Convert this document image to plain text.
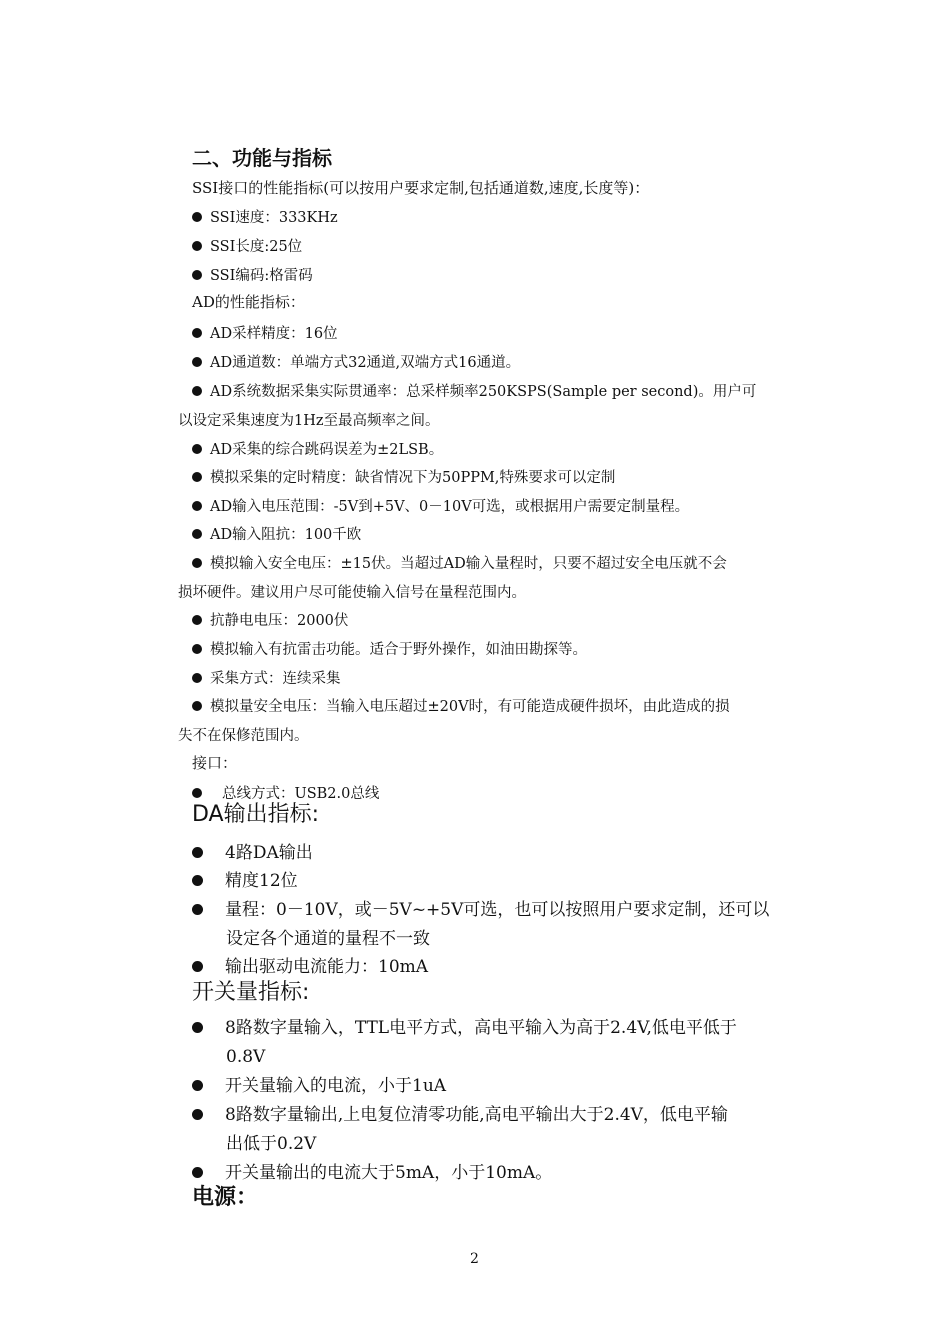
二、功能与指标
SSI接口的性能指标(可以按用户要求定制,包括通道数,速度,长度等)：
SSI速度：333KHz
SSI长度:25位
SSI编码:格雷码
AD的性能指标：
AD采样精度：16位
AD通道数：单端方式32通道,双端方式16通道。
AD系统数据采集实际贯通率：总采样频率250KSPS(Sample per second)。用户可
以设定采集速度为1Hz至最高频率之间。
AD采集的综合跳码误差为±2LSB。
模拟采集的定时精度：缺省情况下为50PPM,特殊要求可以定制
AD输入电压范围：-5V到+5V、0－10V可选，或根据用户需要定制量程。
AD输入阻抗：100千欧
模拟输入安全电压：±15伏。当超过AD输入量程时，只要不超过安全电压就不会
损坏硬件。建议用户尽可能使输入信号在量程范围内。
抗静电电压：2000伏
模拟输入有抗雷击功能。适合于野外操作，如油田勘探等。
采集方式：连续采集
模拟量安全电压：当输入电压超过±20V时，有可能造成硬件损坏，由此造成的损
失不在保修范围内。
接口：
总线方式：USB2.0总线
DA输出指标:
4路DA输出
精度12位
量程：0－10V，或－5V~+5V可选，也可以按照用户要求定制，还可以
设定各个通道的量程不一致
输出驱动电流能力：10mA
开关量指标:
8路数字量输入，TTL电平方式，高电平输入为高于2.4V,低电平低于
0.8V
开关量输入的电流，小于1uA
8路数字量输出,上电复位清零功能,高电平输出大于2.4V，低电平输
出低于0.2V
开关量输出的电流大于5mA，小于10mA。
电源：
2
